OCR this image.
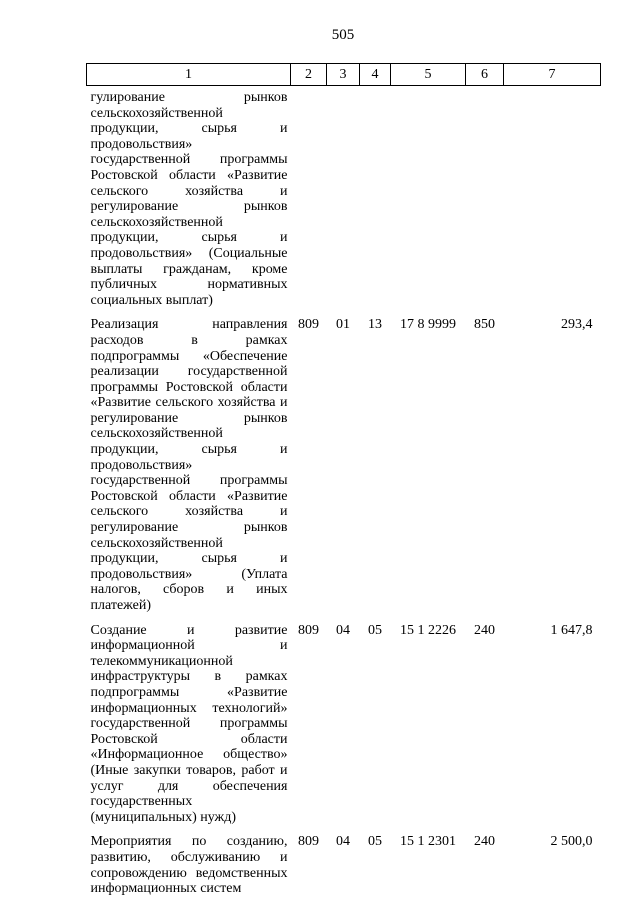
505
1	2	3	4	5	6	7
гулирование рынков сельскохозяйственной продукции, сырья и продовольствия» государственной программы Ростовской области «Развитие сельского хозяйства и регулирование рынков сельскохозяйственной продукции, сырья и продовольствия» (Социальные выплаты гражданам, кроме публичных нормативных социальных выплат)						
Реализация направления расходов в рамках подпрограммы «Обеспечение реализации государственной программы Ростовской области «Развитие сельского хозяйства и регулирование рынков сельскохозяйственной продукции, сырья и продовольствия» государственной программы Ростовской области «Развитие сельского хозяйства и регулирование рынков сельскохозяйственной продукции, сырья и продовольствия» (Уплата налогов, сборов и иных платежей)	809	01	13	17 8 9999	850	293,4
Создание и развитие информационной и телекоммуникационной инфраструктуры в рамках подпрограммы «Развитие информационных технологий» государственной программы Ростовской области «Информационное общество» (Иные закупки товаров, работ и услуг для обеспечения государственных (муниципальных) нужд)	809	04	05	15 1 2226	240	1 647,8
Мероприятия по созданию, развитию, обслуживанию и сопровождению ведомственных информационных систем	809	04	05	15 1 2301	240	2 500,0
